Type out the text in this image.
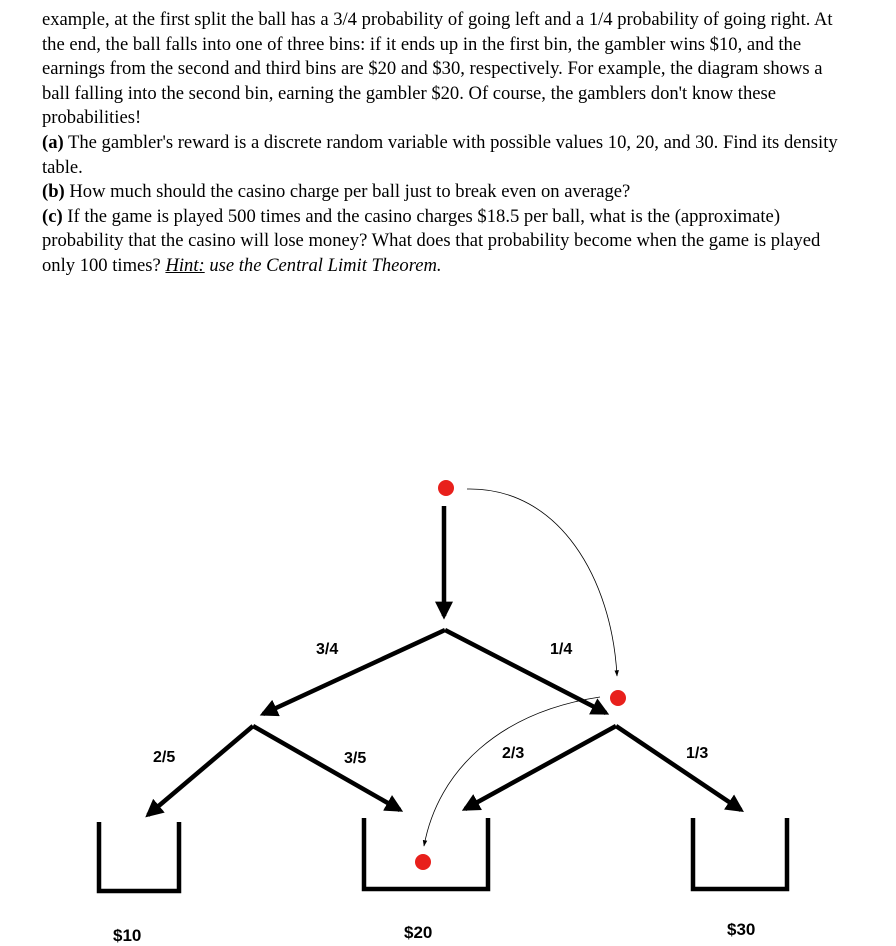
example, at the first split the ball has a 3/4 probability of going left and a 1/4 probability of going right. At the end, the ball falls into one of three bins: if it ends up in the first bin, the gambler wins $10, and the earnings from the second and third bins are $20 and $30, respectively. For example, the diagram shows a ball falling into the second bin, earning the gambler $20. Of course, the gamblers don't know these probabilities!

(a) The gambler's reward is a discrete random variable with possible values 10, 20, and 30. Find its density table.

(b) How much should the casino charge per ball just to break even on average?

(c) If the game is played 500 times and the casino charges $18.5 per ball, what is the (approximate) probability that the casino will lose money? What does that probability become when the game is played only 100 times? Hint: use the Central Limit Theorem.

3/4	1/4
2/5	3/5	2/3	1/3
$10	$20	$30
